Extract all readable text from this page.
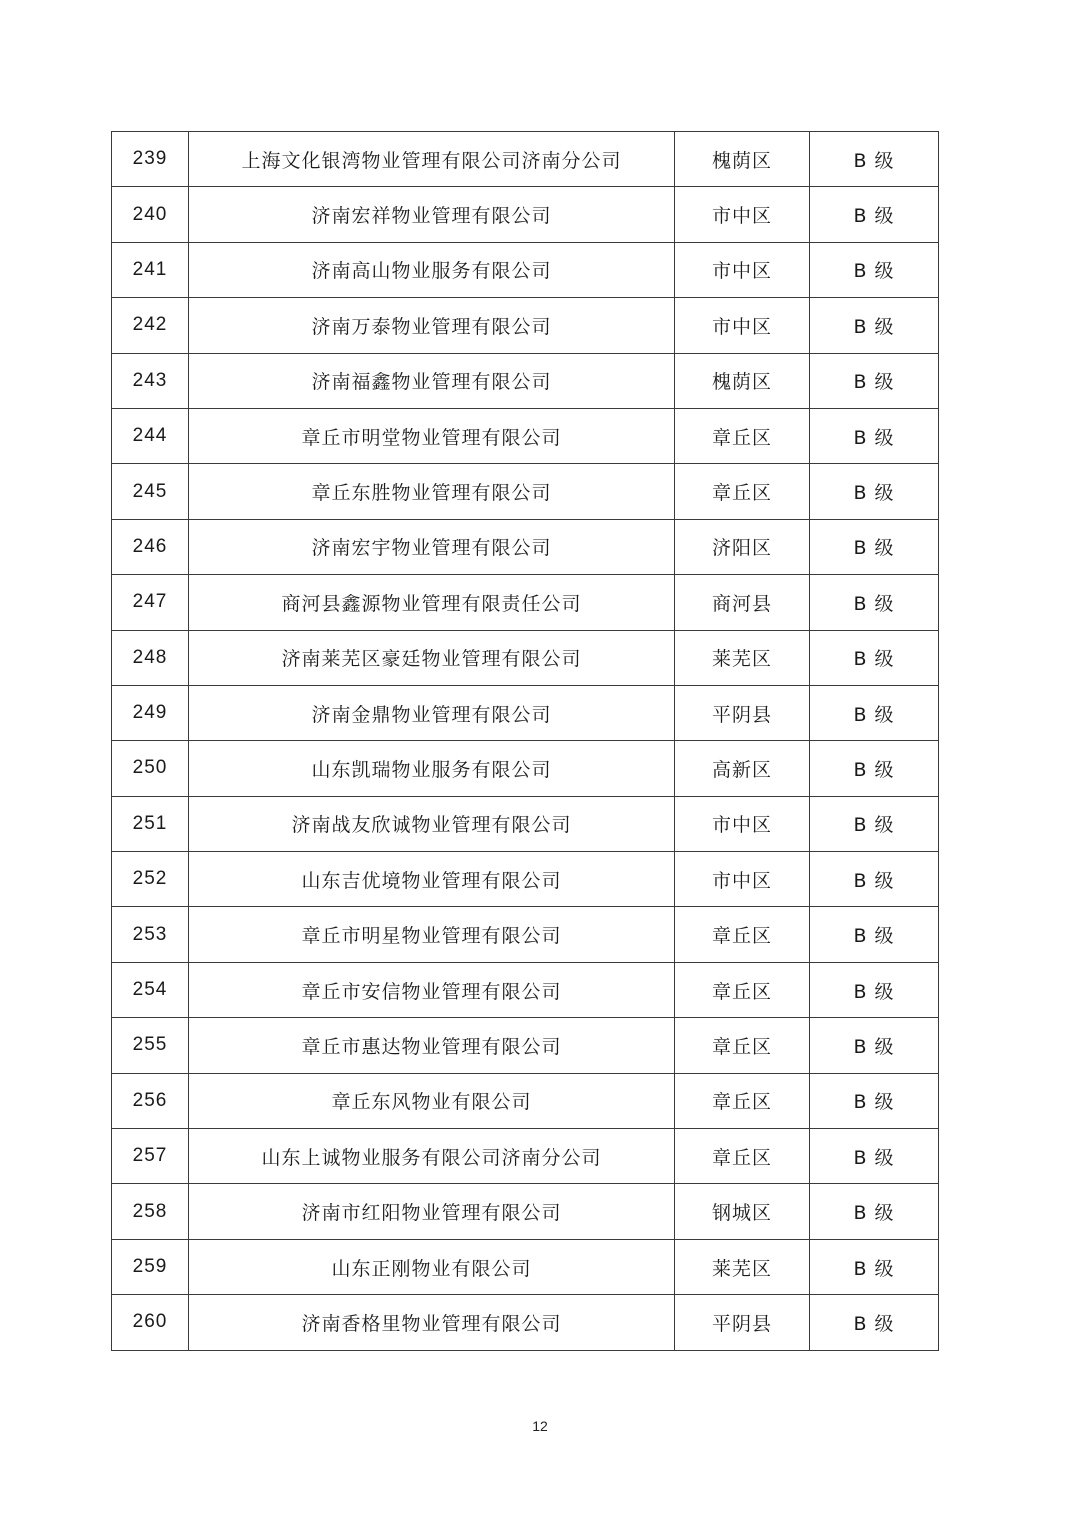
239	上海文化银湾物业管理有限公司济南分公司	槐荫区	B 级
240	济南宏祥物业管理有限公司	市中区	B 级
241	济南高山物业服务有限公司	市中区	B 级
242	济南万泰物业管理有限公司	市中区	B 级
243	济南福鑫物业管理有限公司	槐荫区	B 级
244	章丘市明堂物业管理有限公司	章丘区	B 级
245	章丘东胜物业管理有限公司	章丘区	B 级
246	济南宏宇物业管理有限公司	济阳区	B 级
247	商河县鑫源物业管理有限责任公司	商河县	B 级
248	济南莱芜区豪廷物业管理有限公司	莱芜区	B 级
249	济南金鼎物业管理有限公司	平阴县	B 级
250	山东凯瑞物业服务有限公司	高新区	B 级
251	济南战友欣诚物业管理有限公司	市中区	B 级
252	山东吉优境物业管理有限公司	市中区	B 级
253	章丘市明星物业管理有限公司	章丘区	B 级
254	章丘市安信物业管理有限公司	章丘区	B 级
255	章丘市惠达物业管理有限公司	章丘区	B 级
256	章丘东风物业有限公司	章丘区	B 级
257	山东上诚物业服务有限公司济南分公司	章丘区	B 级
258	济南市红阳物业管理有限公司	钢城区	B 级
259	山东正刚物业有限公司	莱芜区	B 级
260	济南香格里物业管理有限公司	平阴县	B 级
12
